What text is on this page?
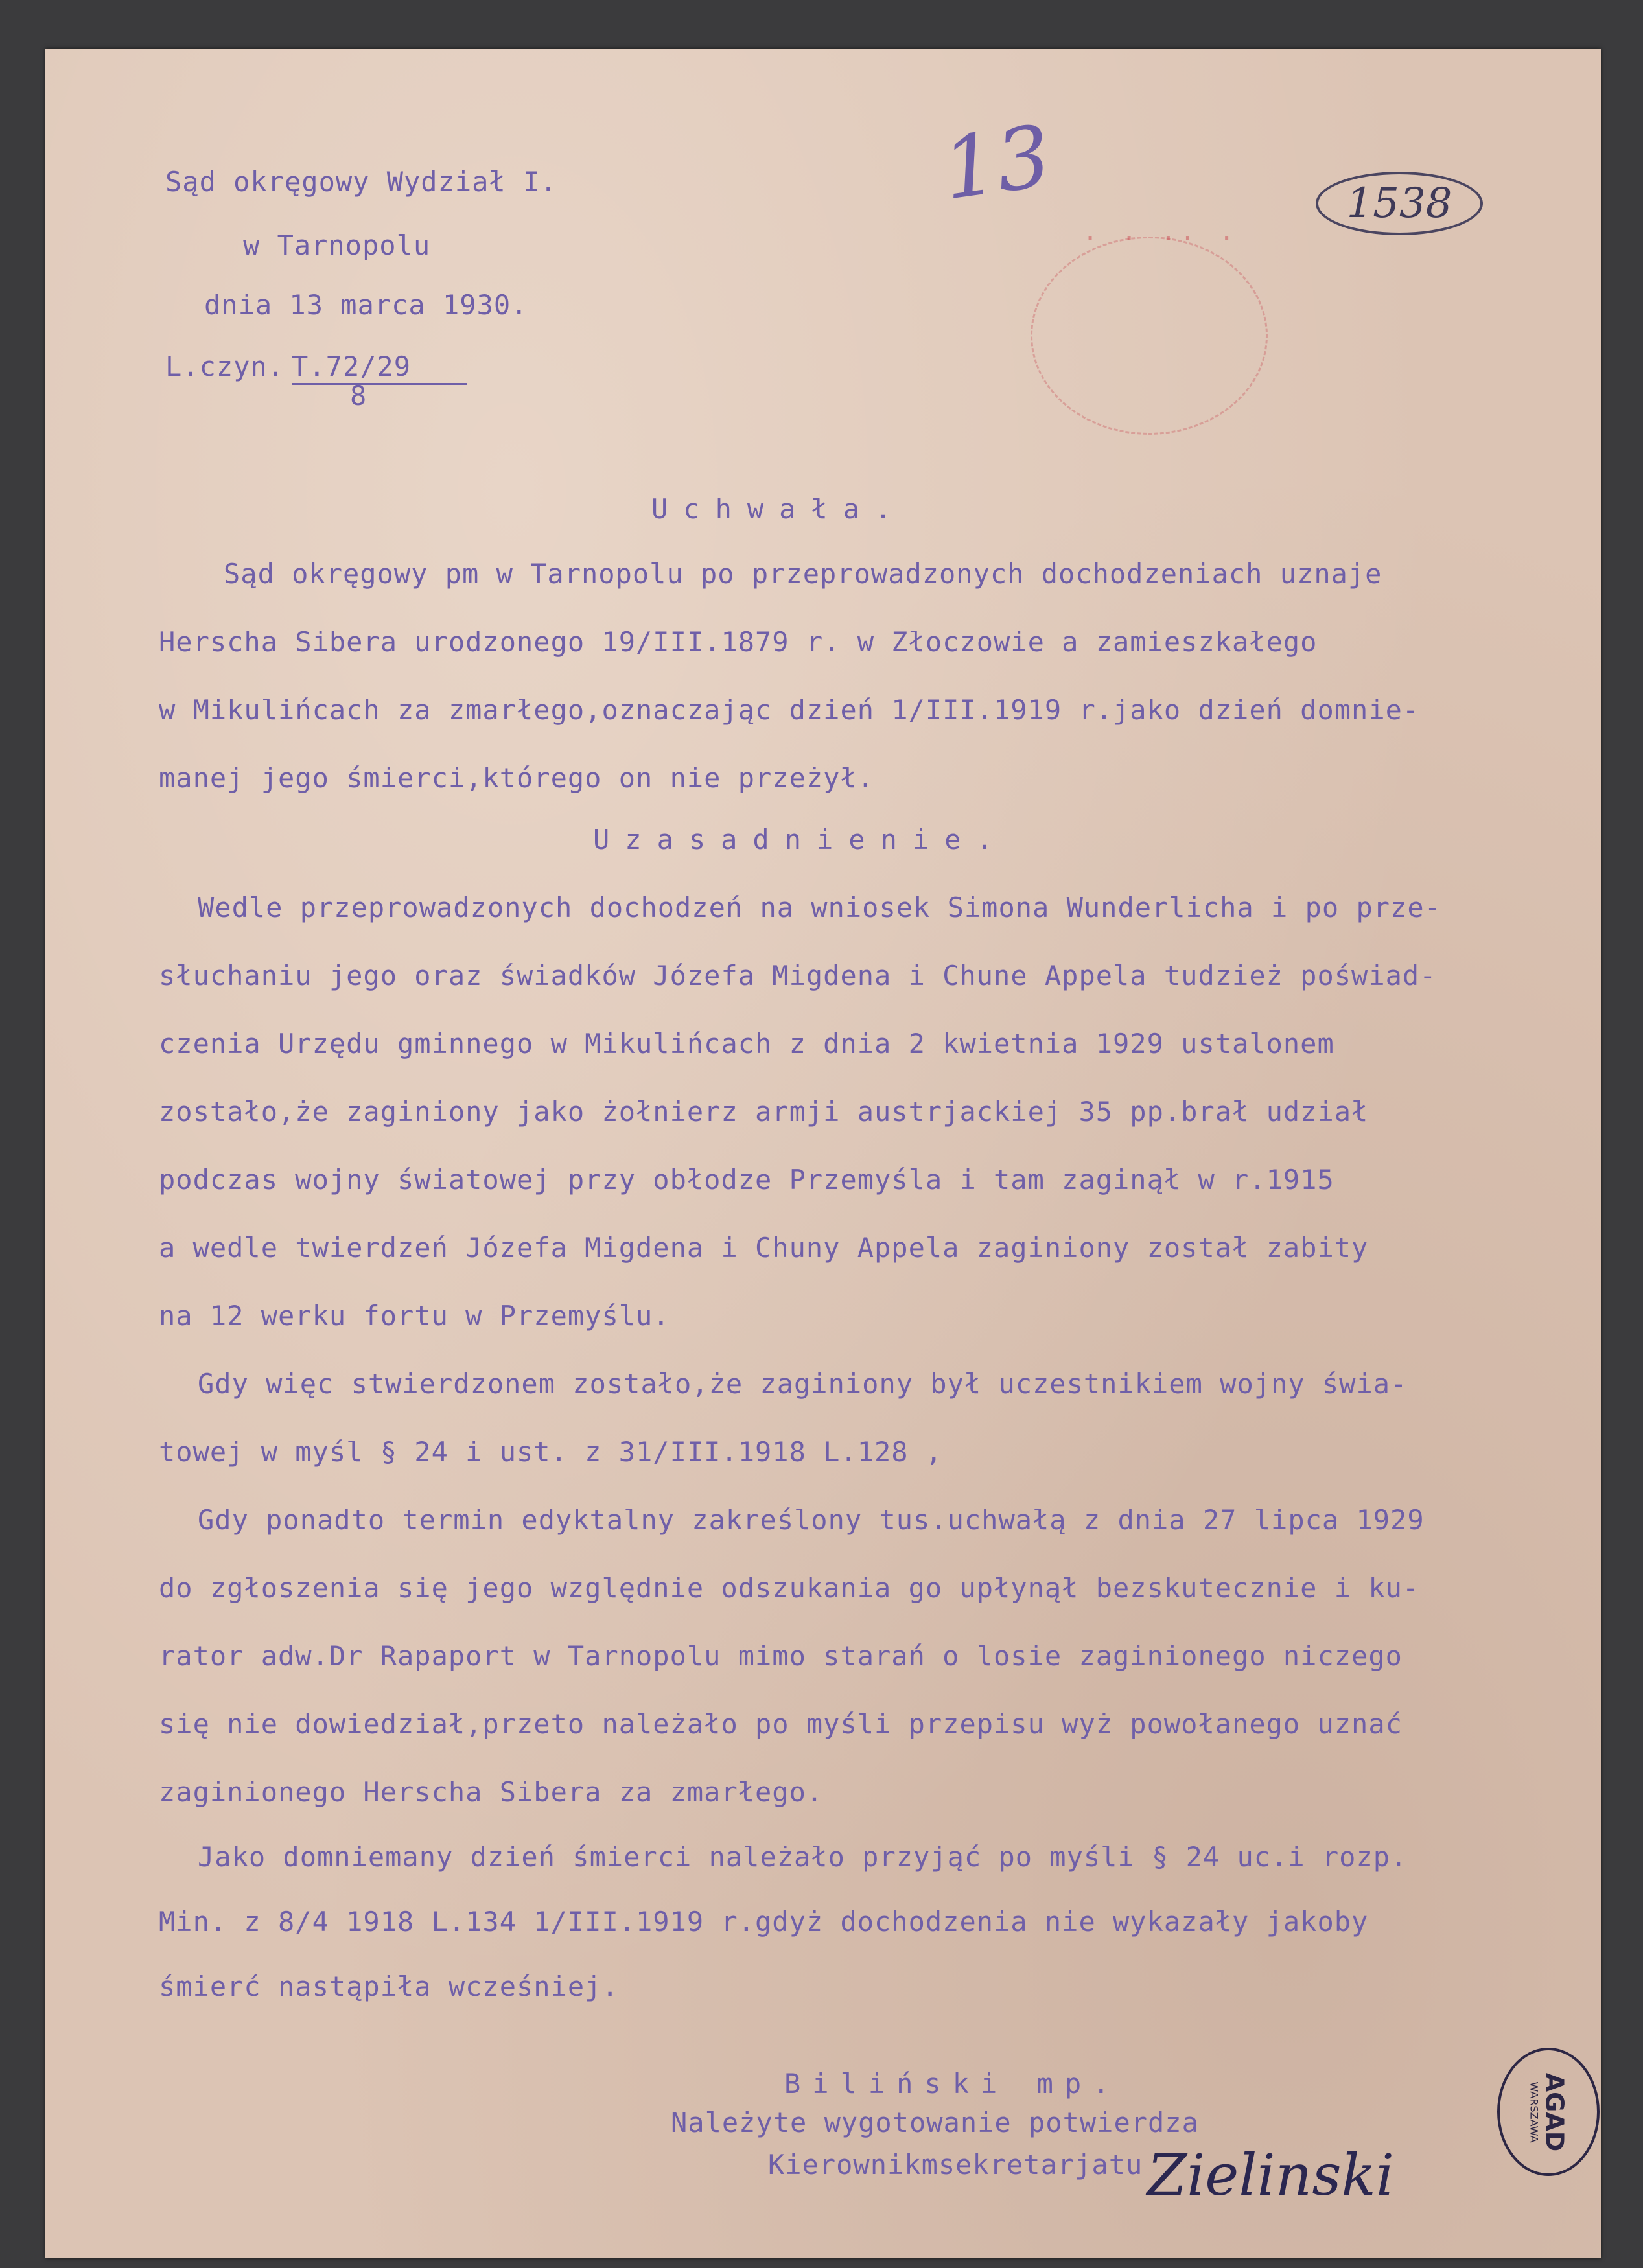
Sąd okręgowy Wydział I.
w Tarnopolu
dnia 13 marca 1930.
L.czyn. T.72/29
8
13	1538
· · ·· ·
Uchwała.
Sąd okręgowy pm w Tarnopolu po przeprowadzonych dochodzeniach uznaje
Herscha Sibera urodzonego 19/III.1879 r. w Złoczowie a zamieszkałego
w Mikulińcach za zmarłego,oznaczając dzień 1/III.1919 r.jako dzień domnie-
manej jego śmierci,którego on nie przeżył.
Uzasadnienie.
Wedle przeprowadzonych dochodzeń na wniosek Simona Wunderlicha i po prze-
słuchaniu jego oraz świadków Józefa Migdena i Chune Appela tudzież poświad-
czenia Urzędu gminnego w Mikulińcach z dnia 2 kwietnia 1929 ustalonem
zostało,że zaginiony jako żołnierz armji austrjackiej 35 pp.brał udział
podczas wojny światowej przy obłodze Przemyśla i tam zaginął w r.1915
a wedle twierdzeń Józefa Migdena i Chuny Appela zaginiony został zabity
na 12 werku fortu w Przemyślu.
Gdy więc stwierdzonem zostało,że zaginiony był uczestnikiem wojny świa-
towej w myśl § 24 i ust. z 31/III.1918 L.128 ,
Gdy ponadto termin edyktalny zakreślony tus.uchwałą z dnia 27 lipca 1929
do zgłoszenia się jego względnie odszukania go upłynął bezskutecznie i ku-
rator adw.Dr Rapaport w Tarnopolu mimo starań o losie zaginionego niczego
się nie dowiedział,przeto należało po myśli przepisu wyż powołanego uznać
zaginionego Herscha Sibera za zmarłego.
Jako domniemany dzień śmierci należało przyjąć po myśli § 24 uc.i rozp.
Min. z 8/4 1918 L.134 1/III.1919 r.gdyż dochodzenia nie wykazały jakoby
śmierć nastąpiła wcześniej.
Biliński mp.
Należyte wygotowanie potwierdza
Kierownikmsekretarjatu Zielinski
AGAD
WARSZAWA
